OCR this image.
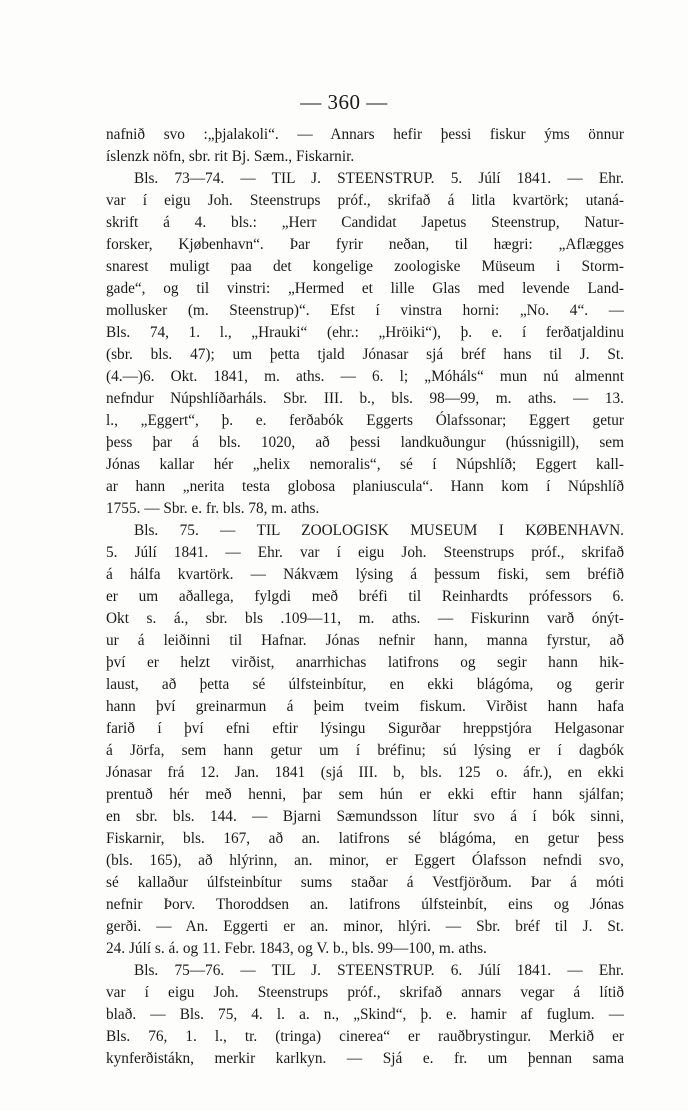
— 360 —
nafnið svo :„þjalakoli“. — Annars hefir þessi fiskur ýms önnur
íslenzk nöfn, sbr. rit Bj. Sæm., Fiskarnir.
Bls. 73—74. — TIL J. STEENSTRUP. 5. Júlí 1841. — Ehr.
var í eigu Joh. Steenstrups próf., skrifað á litla kvartörk; utaná-
skrift á 4. bls.: „Herr Candidat Japetus Steenstrup, Natur-
forsker, Kjøbenhavn“. Þar fyrir neðan, til hægri: „Aflægges
snarest muligt paa det kongelige zoologiske Müseum i Storm-
gade“, og til vinstri: „Hermed et lille Glas med levende Land-
mollusker (m. Steenstrup)“. Efst í vinstra horni: „No. 4“. —
Bls. 74, 1. l., „Hrauki“ (ehr.: „Hröiki“), þ. e. í ferðatjaldinu
(sbr. bls. 47); um þetta tjald Jónasar sjá bréf hans til J. St.
(4.—)6. Okt. 1841, m. aths. — 6. l; „Móháls“ mun nú almennt
nefndur Núpshlíðarháls. Sbr. III. b., bls. 98—99, m. aths. — 13.
l., „Eggert“, þ. e. ferðabók Eggerts Ólafssonar; Eggert getur
þess þar á bls. 1020, að þessi landkuðungur (hússnigill), sem
Jónas kallar hér „helix nemoralis“, sé í Núpshlíð; Eggert kall-
ar hann „nerita testa globosa planiuscula“. Hann kom í Núpshlíð
1755. — Sbr. e. fr. bls. 78, m. aths.
Bls. 75. — TIL ZOOLOGISK MUSEUM I KØBENHAVN.
5. Júlí 1841. — Ehr. var í eigu Joh. Steenstrups próf., skrifað
á hálfa kvartörk. — Nákvæm lýsing á þessum fiski, sem bréfið
er um aðallega, fylgdi með bréfi til Reinhardts prófessors 6.
Okt s. á., sbr. bls .109—11, m. aths. — Fiskurinn varð ónýt-
ur á leiðinni til Hafnar. Jónas nefnir hann, manna fyrstur, að
því er helzt virðist, anarrhichas latifrons og segir hann hik-
laust, að þetta sé úlfsteinbítur, en ekki blágóma, og gerir
hann því greinarmun á þeim tveim fiskum. Virðist hann hafa
farið í því efni eftir lýsingu Sigurðar hreppstjóra Helgasonar
á Jörfa, sem hann getur um í bréfinu; sú lýsing er í dagbók
Jónasar frá 12. Jan. 1841 (sjá III. b, bls. 125 o. áfr.), en ekki
prentuð hér með henni, þar sem hún er ekki eftir hann sjálfan;
en sbr. bls. 144. — Bjarni Sæmundsson lítur svo á í bók sinni,
Fiskarnir, bls. 167, að an. latifrons sé blágóma, en getur þess
(bls. 165), að hlýrinn, an. minor, er Eggert Ólafsson nefndi svo,
sé kallaður úlfsteinbítur sums staðar á Vestfjörðum. Þar á móti
nefnir Þorv. Thoroddsen an. latifrons úlfsteinbít, eins og Jónas
gerði. — An. Eggerti er an. minor, hlýri. — Sbr. bréf til J. St.
24. Júlí s. á. og 11. Febr. 1843, og V. b., bls. 99—100, m. aths.
Bls. 75—76. — TIL J. STEENSTRUP. 6. Júlí 1841. — Ehr.
var í eigu Joh. Steenstrups próf., skrifað annars vegar á lítið
blað. — Bls. 75, 4. l. a. n., „Skind“, þ. e. hamir af fuglum. —
Bls. 76, 1. l., tr. (tringa) cinerea“ er rauðbrystingur. Merkið er
kynferðistákn, merkir karlkyn. — Sjá e. fr. um þennan sama
